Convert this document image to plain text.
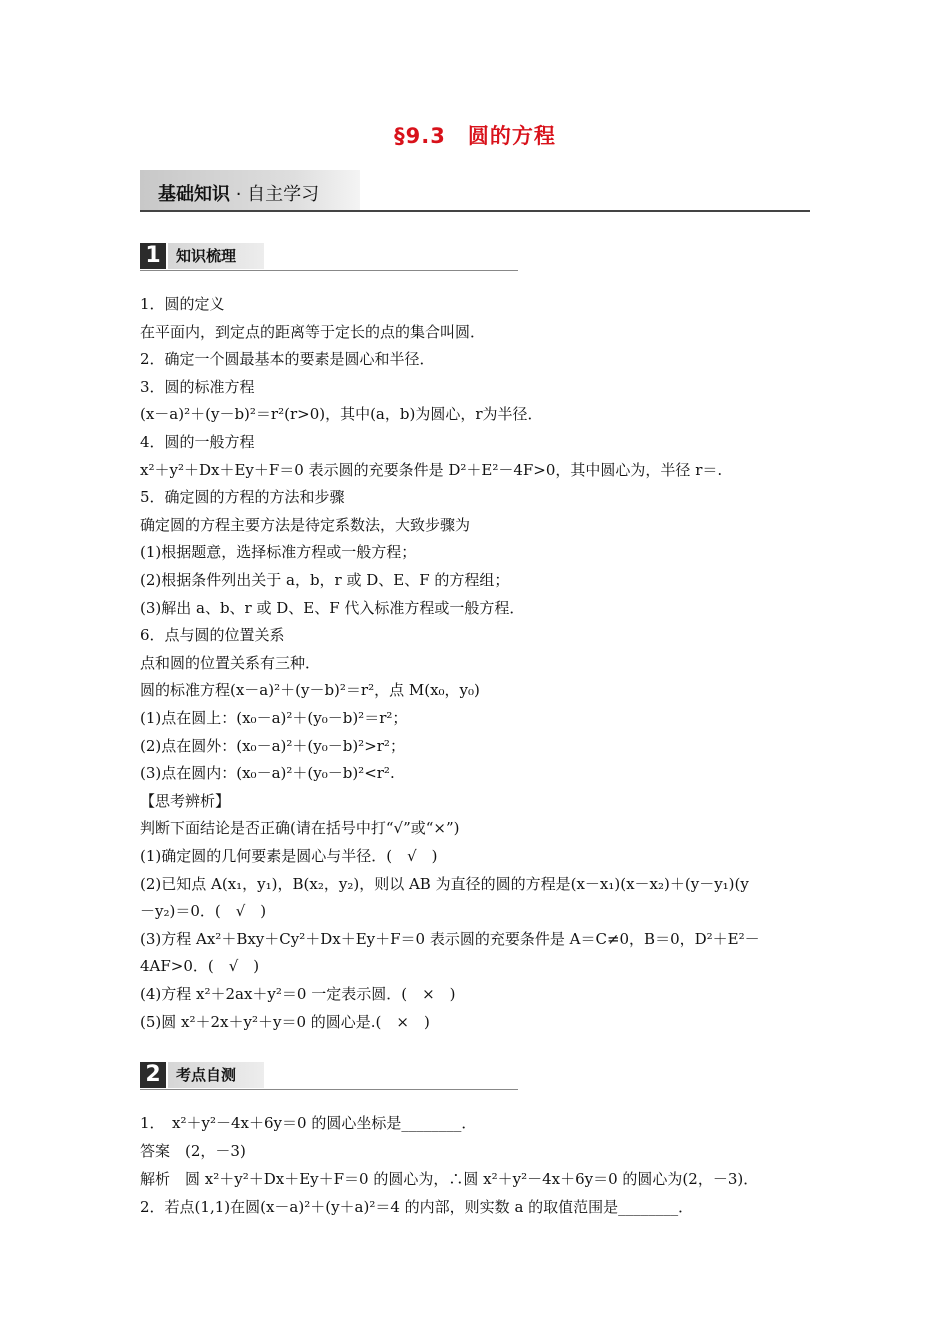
§9.3　圆的方程
基础知识 · 自主学习
1	知识梳理
1．圆的定义
在平面内，到定点的距离等于定长的点的集合叫圆．
2．确定一个圆最基本的要素是圆心和半径．
3．圆的标准方程
(x－a)²＋(y－b)²＝r²(r>0)，其中(a，b)为圆心，r为半径．
4．圆的一般方程
x²＋y²＋Dx＋Ey＋F＝0 表示圆的充要条件是 D²＋E²－4F>0，其中圆心为，半径 r＝.
5．确定圆的方程的方法和步骤
确定圆的方程主要方法是待定系数法，大致步骤为
(1)根据题意，选择标准方程或一般方程；
(2)根据条件列出关于 a，b，r 或 D、E、F 的方程组；
(3)解出 a、b、r 或 D、E、F 代入标准方程或一般方程．
6．点与圆的位置关系
点和圆的位置关系有三种．
圆的标准方程(x－a)²＋(y－b)²＝r²，点 M(x₀，y₀)
(1)点在圆上：(x₀－a)²＋(y₀－b)²＝r²；
(2)点在圆外：(x₀－a)²＋(y₀－b)²>r²；
(3)点在圆内：(x₀－a)²＋(y₀－b)²<r².
【思考辨析】
判断下面结论是否正确(请在括号中打“√”或“×”)
(1)确定圆的几何要素是圆心与半径．(　√　)
(2)已知点 A(x₁，y₁)，B(x₂，y₂)，则以 AB 为直径的圆的方程是(x－x₁)(x－x₂)＋(y－y₁)(y
－y₂)＝0．(　√　)
(3)方程 Ax²＋Bxy＋Cy²＋Dx＋Ey＋F＝0 表示圆的充要条件是 A＝C≠0，B＝0，D²＋E²－
4AF>0．(　√　)
(4)方程 x²＋2ax＋y²＝0 一定表示圆．(　×　)
(5)圆 x²＋2x＋y²＋y＝0 的圆心是.(　×　)
2	考点自测
1．　x²＋y²－4x＋6y＝0 的圆心坐标是________．
答案　(2，－3)
解析　圆 x²＋y²＋Dx＋Ey＋F＝0 的圆心为，∴圆 x²＋y²－4x＋6y＝0 的圆心为(2，－3)．
2．若点(1,1)在圆(x－a)²＋(y＋a)²＝4 的内部，则实数 a 的取值范围是________．
